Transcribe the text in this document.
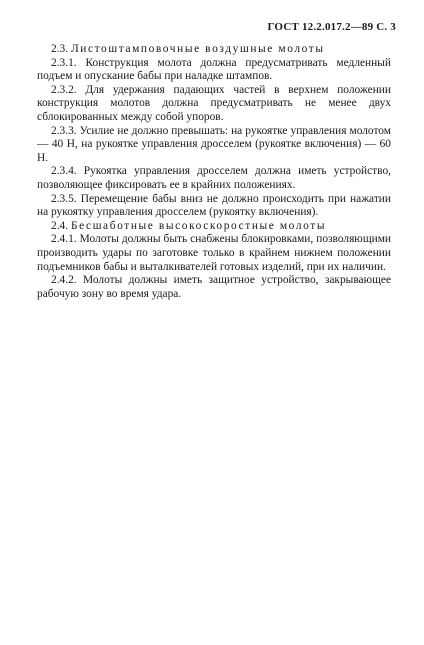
ГОСТ 12.2.017.2—89 С. 3

2.3. Листоштамповочные воздушные молоты

2.3.1. Конструкция молота должна предусматривать медленный подъем и опускание бабы при наладке штампов.

2.3.2. Для удержания падающих частей в верхнем положении конструкция молотов должна предусматривать не менее двух сблокированных между собой упоров.

2.3.3. Усилие не должно превышать: на рукоятке управления молотом — 40 Н, на рукоятке управления дросселем (рукоятке включения) — 60 Н.

2.3.4. Рукоятка управления дросселем должна иметь устройство, позволяющее фиксировать ее в крайних положениях.

2.3.5. Перемещение бабы вниз не должно происходить при нажатии на рукоятку управления дросселем (рукоятку включения).

2.4. Бесшаботные высокоскоростные молоты

2.4.1. Молоты должны быть снабжены блокировками, позволяющими производить удары по заготовке только в крайнем нижнем положении подъемников бабы и выталкивателей готовых изделий, при их наличии.

2.4.2. Молоты должны иметь защитное устройство, закрывающее рабочую зону во время удара.
